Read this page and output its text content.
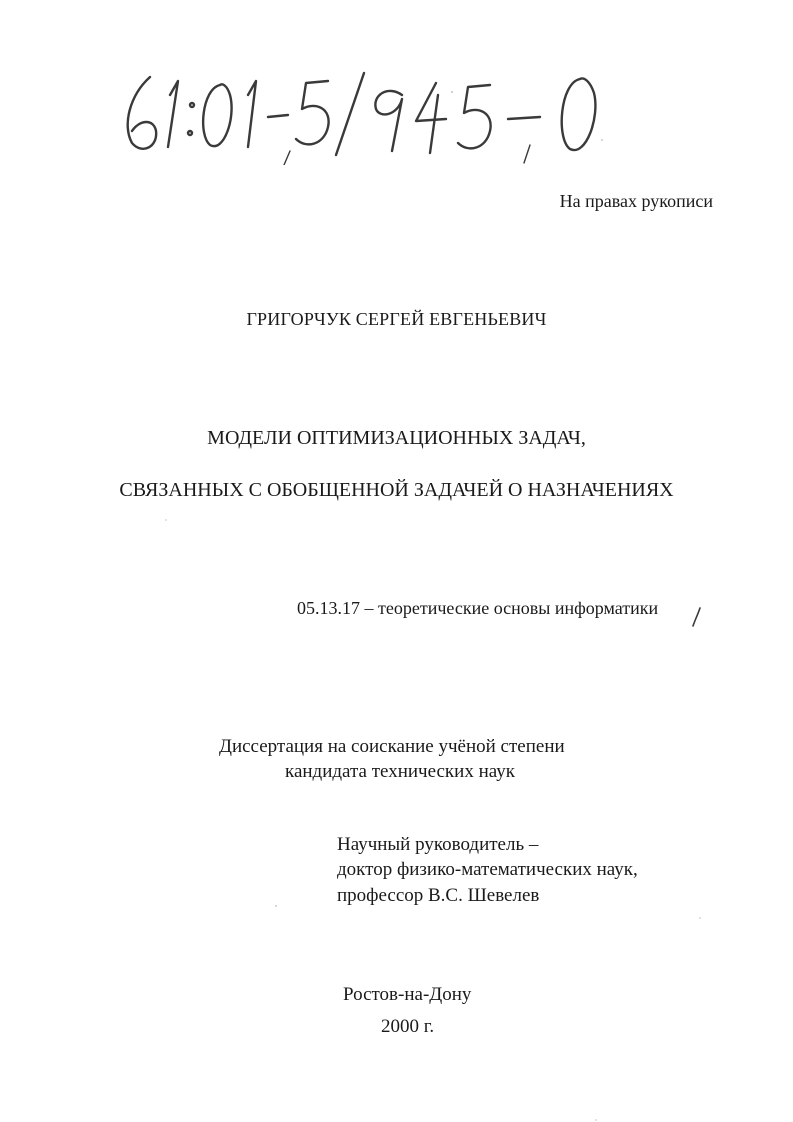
На правах рукописи
ГРИГОРЧУК СЕРГЕЙ ЕВГЕНЬЕВИЧ
МОДЕЛИ ОПТИМИЗАЦИОННЫХ ЗАДАЧ,
СВЯЗАННЫХ С ОБОБЩЕННОЙ ЗАДАЧЕЙ О НАЗНАЧЕНИЯХ
05.13.17 – теоретические основы информатики
Диссертация на соискание учёной степени
кандидата технических наук
Научный руководитель –
доктор физико-математических наук,
профессор В.С. Шевелев
Ростов-на-Дону
2000 г.
